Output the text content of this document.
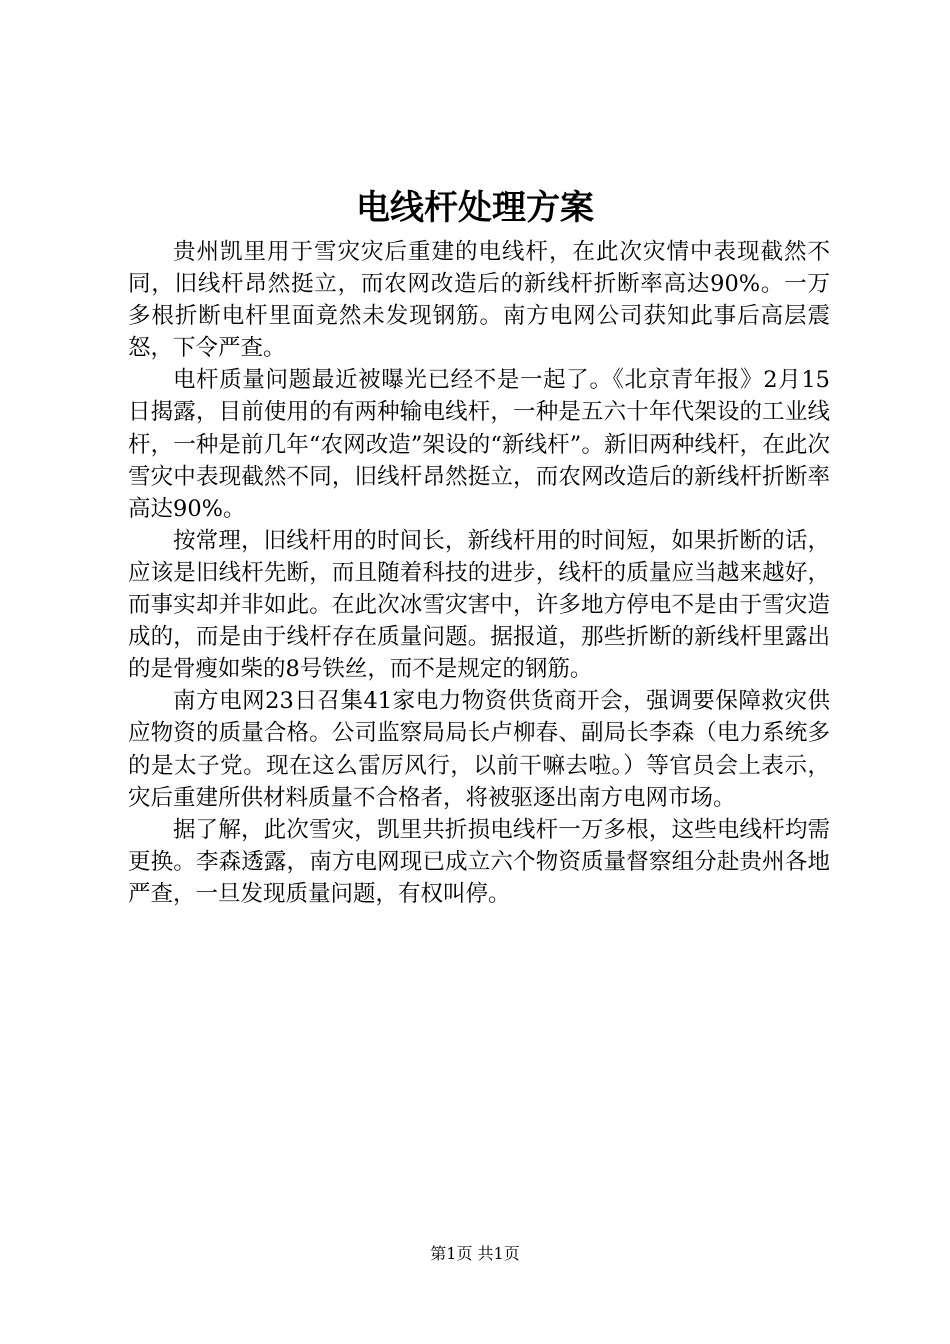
电线杆处理方案

贵州凯里用于雪灾灾后重建的电线杆，在此次灾情中表现截然不同，旧线杆昂然挺立，而农网改造后的新线杆折断率高达90%。一万多根折断电杆里面竟然未发现钢筋。南方电网公司获知此事后高层震怒，下令严查。

电杆质量问题最近被曝光已经不是一起了。《北京青年报》2月15日揭露，目前使用的有两种输电线杆，一种是五六十年代架设的工业线杆，一种是前几年“农网改造”架设的“新线杆”。新旧两种线杆，在此次雪灾中表现截然不同，旧线杆昂然挺立，而农网改造后的新线杆折断率高达90%。

按常理，旧线杆用的时间长，新线杆用的时间短，如果折断的话，应该是旧线杆先断，而且随着科技的进步，线杆的质量应当越来越好，而事实却并非如此。在此次冰雪灾害中，许多地方停电不是由于雪灾造成的，而是由于线杆存在质量问题。据报道，那些折断的新线杆里露出的是骨瘦如柴的8号铁丝，而不是规定的钢筋。

南方电网23日召集41家电力物资供货商开会，强调要保障救灾供应物资的质量合格。公司监察局局长卢柳春、副局长李森（电力系统多的是太子党。现在这么雷厉风行，以前干嘛去啦。）等官员会上表示，灾后重建所供材料质量不合格者，将被驱逐出南方电网市场。

据了解，此次雪灾，凯里共折损电线杆一万多根，这些电线杆均需更换。李森透露，南方电网现已成立六个物资质量督察组分赴贵州各地严查，一旦发现质量问题，有权叫停。

第1页 共1页
